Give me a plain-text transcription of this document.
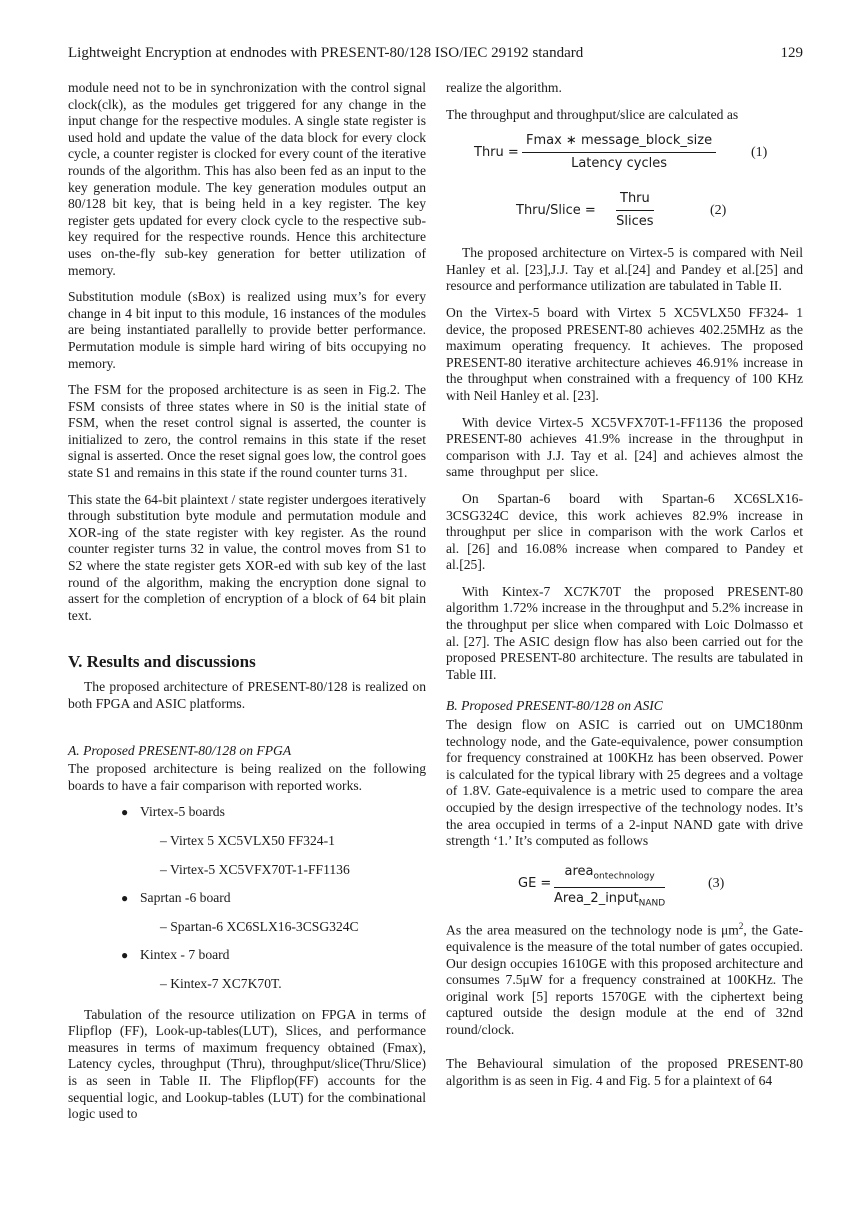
Lightweight Encryption at endnodes with PRESENT-80/128 ISO/IEC 29192 standard	129

module need not to be in synchronization with the control signal clock(clk), as the modules get triggered for any change in the input change for the respective modules. A single state register is used hold and update the value of the data block for every clock cycle, a counter register is clocked for every count of the iterative rounds of the algorithm. This has also been fed as an input to the key generation module. The key generation modules output an 80/128 bit key, that is being held in a key register. The key register gets updated for every clock cycle to the respective sub-key required for the respective rounds. Hence this architecture uses on-the-fly sub-key generation for better utilization of memory.

Substitution module (sBox) is realized using mux’s for every change in 4 bit input to this module, 16 instances of the modules are being instantiated parallelly to provide better performance. Permutation module is simple hard wiring of bits occupying no memory.

The FSM for the proposed architecture is as seen in Fig.2. The FSM consists of three states where in S0 is the initial state of FSM, when the reset control signal is asserted, the counter is initialized to zero, the control remains in this state if the reset signal is asserted. Once the reset signal goes low, the control goes state S1 and remains in this state if the round counter turns 31.

This state the 64-bit plaintext / state register undergoes iteratively through substitution byte module and permutation module and XOR-ing of the state register with key register. As the round counter register turns 32 in value, the control moves from S1 to S2 where the state register gets XOR-ed with sub key of the last round of the algorithm, making the encryption done signal to assert for the completion of encryption of a block of 64 bit plain text.

V. Results and discussions

The proposed architecture of PRESENT-80/128 is realized on both FPGA and ASIC platforms.

A. Proposed PRESENT-80/128 on FPGA

The proposed architecture is being realized on the following boards to have a fair comparison with reported works.

● Virtex-5 boards
– Virtex 5 XC5VLX50 FF324-1
– Virtex-5 XC5VFX70T-1-FF1136
● Saprtan -6 board
– Spartan-6 XC6SLX16-3CSG324C
● Kintex - 7 board
– Kintex-7 XC7K70T.

Tabulation of the resource utilization on FPGA in terms of Flipflop (FF), Look-up-tables(LUT), Slices, and performance measures in terms of maximum frequency obtained (Fmax), Latency cycles, throughput (Thru), throughput/slice(Thru/Slice) is as seen in Table II. The Flipflop(FF) accounts for the sequential logic, and Lookup-tables (LUT) for the combinational logic used to

realize the algorithm.

The throughput and throughput/slice are calculated as

Thru =
Fmax ∗ message_block_size
Latency cycles
(1)
Thru/Slice =
Thru
Slices
(2)

The proposed architecture on Virtex-5 is compared with Neil Hanley et al. [23],J.J. Tay et al.[24] and Pandey et al.[25] and resource and performance utilization are tabulated in Table II.

On the Virtex-5 board with Virtex 5 XC5VLX50 FF324- 1 device, the proposed PRESENT-80 achieves 402.25MHz as the maximum operating frequency. It achieves. The proposed PRESENT-80 iterative architecture achieves 46.91% increase in the throughput when constrained with a frequency of 100 KHz with Neil Hanley et al. [23].

With device Virtex-5 XC5VFX70T-1-FF1136 the proposed PRESENT-80 achieves 41.9% increase in the throughput in comparison with J.J. Tay et al. [24] and achieves almost the same throughput per slice.

On Spartan-6 board with Spartan-6 XC6SLX16-3CSG324C device, this work achieves 82.9% increase in throughput per slice in comparison with the work Carlos et al. [26] and 16.08% increase when compared to Pandey et al.[25].

With Kintex-7 XC7K70T the proposed PRESENT-80 algorithm 1.72% increase in the throughput and 5.2% increase in the throughput per slice when compared with Loic Dolmasso et al. [27]. The ASIC design flow has also been carried out for the proposed PRESENT-80 architecture. The results are tabulated in Table III.

B. Proposed PRESENT-80/128 on ASIC

The design flow on ASIC is carried out on UMC180nm technology node, and the Gate-equivalence, power consumption for frequency constrained at 100KHz has been observed. Power is calculated for the typical library with 25 degrees and a voltage of 1.8V. Gate-equivalence is a metric used to compare the area occupied by the design irrespective of the technology nodes. It’s the area occupied in terms of a 2-input NAND gate with drive strength ‘1.’ It’s computed as follows

GE =
area$_{ontechnology}$
Area_2_input$_{NAND}$
(3)

As the area measured on the technology node is $\mu m^2$, the Gate- equivalence is the measure of the total number of gates occupied. Our design occupies 1610GE with this proposed architecture and consumes 7.5μW for a frequency constrained at 100KHz. The original work [5] reports 1570GE with the ciphertext being captured outside the design module at the end of 32nd round/clock.

The Behavioural simulation of the proposed PRESENT-80 algorithm is as seen in Fig. 4 and Fig. 5 for a plaintext of 64
